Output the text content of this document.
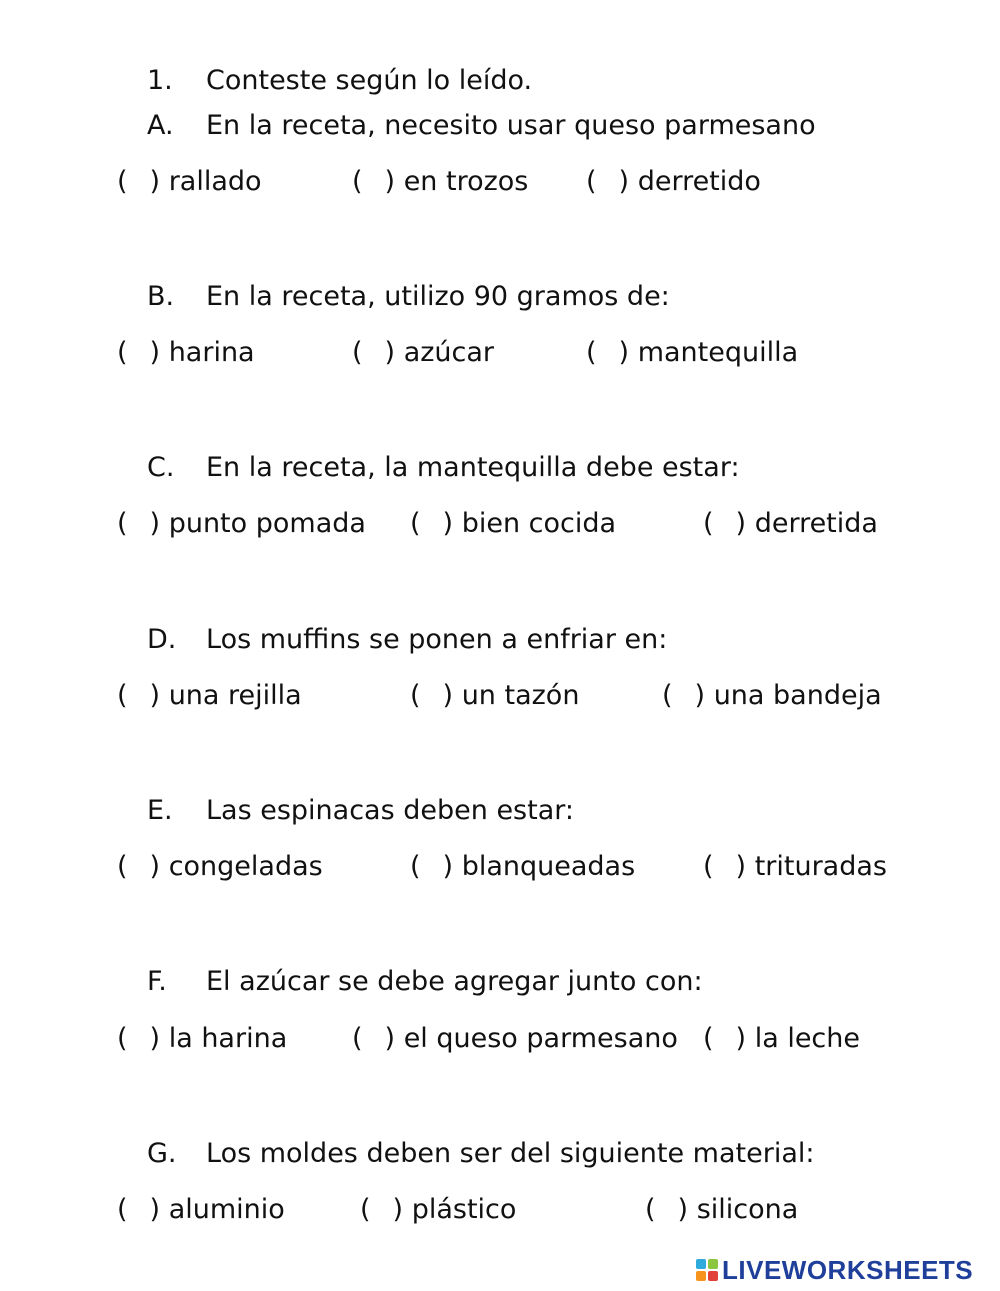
1. Conteste según lo leído.
A. En la receta, necesito usar queso parmesano
( ) rallado	( ) en trozos ( ) derretido
B. En la receta, utilizo 90 gramos de:
( ) harina	( ) azúcar	( ) mantequilla
C. En la receta, la mantequilla debe estar:
( ) punto pomada ( ) bien cocida	( ) derretida
D. Los muffins se ponen a enfriar en:
( ) una rejilla	( ) un tazón	( ) una bandeja
E. Las espinacas deben estar:
( ) congeladas	( ) blanqueadas	( ) trituradas
F. El azúcar se debe agregar junto con:
( ) la harina ( ) el queso parmesano ( ) la leche
G. Los moldes deben ser del siguiente material:
( ) aluminio	( ) plástico	( ) silicona
LIVEWORKSHEETS
